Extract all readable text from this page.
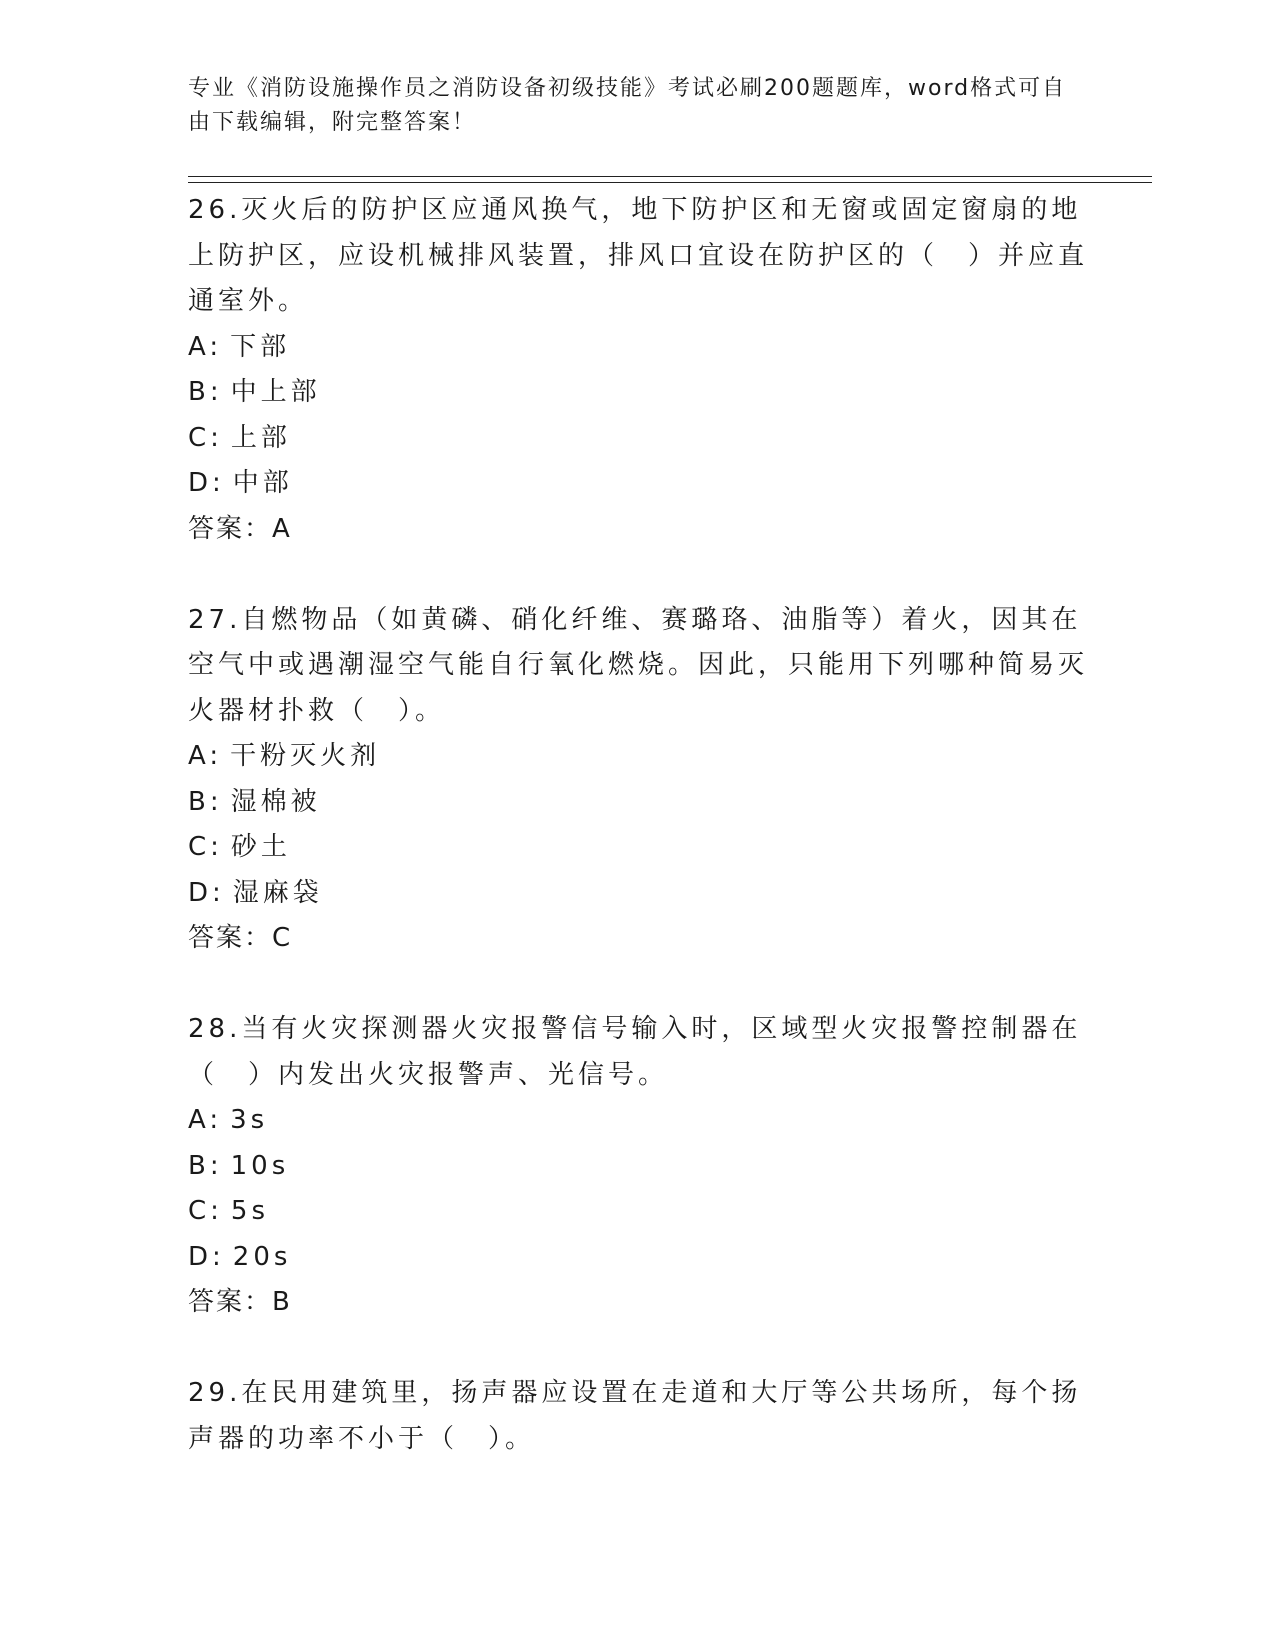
专业《消防设施操作员之消防设备初级技能》考试必刷200题题库，word格式可自由下载编辑，附完整答案！
26.灭火后的防护区应通风换气，地下防护区和无窗或固定窗扇的地上防护区，应设机械排风装置，排风口宜设在防护区的（　）并应直通室外。
A: 下部
B: 中上部
C: 上部
D: 中部
答案：A
27.自燃物品（如黄磷、硝化纤维、赛璐珞、油脂等）着火，因其在空气中或遇潮湿空气能自行氧化燃烧。因此，只能用下列哪种简易灭火器材扑救（　）。
A: 干粉灭火剂
B: 湿棉被
C: 砂土
D: 湿麻袋
答案：C
28.当有火灾探测器火灾报警信号输入时，区域型火灾报警控制器在（　）内发出火灾报警声、光信号。
A: 3s
B: 10s
C: 5s
D: 20s
答案：B
29.在民用建筑里，扬声器应设置在走道和大厅等公共场所，每个扬声器的功率不小于（　）。
